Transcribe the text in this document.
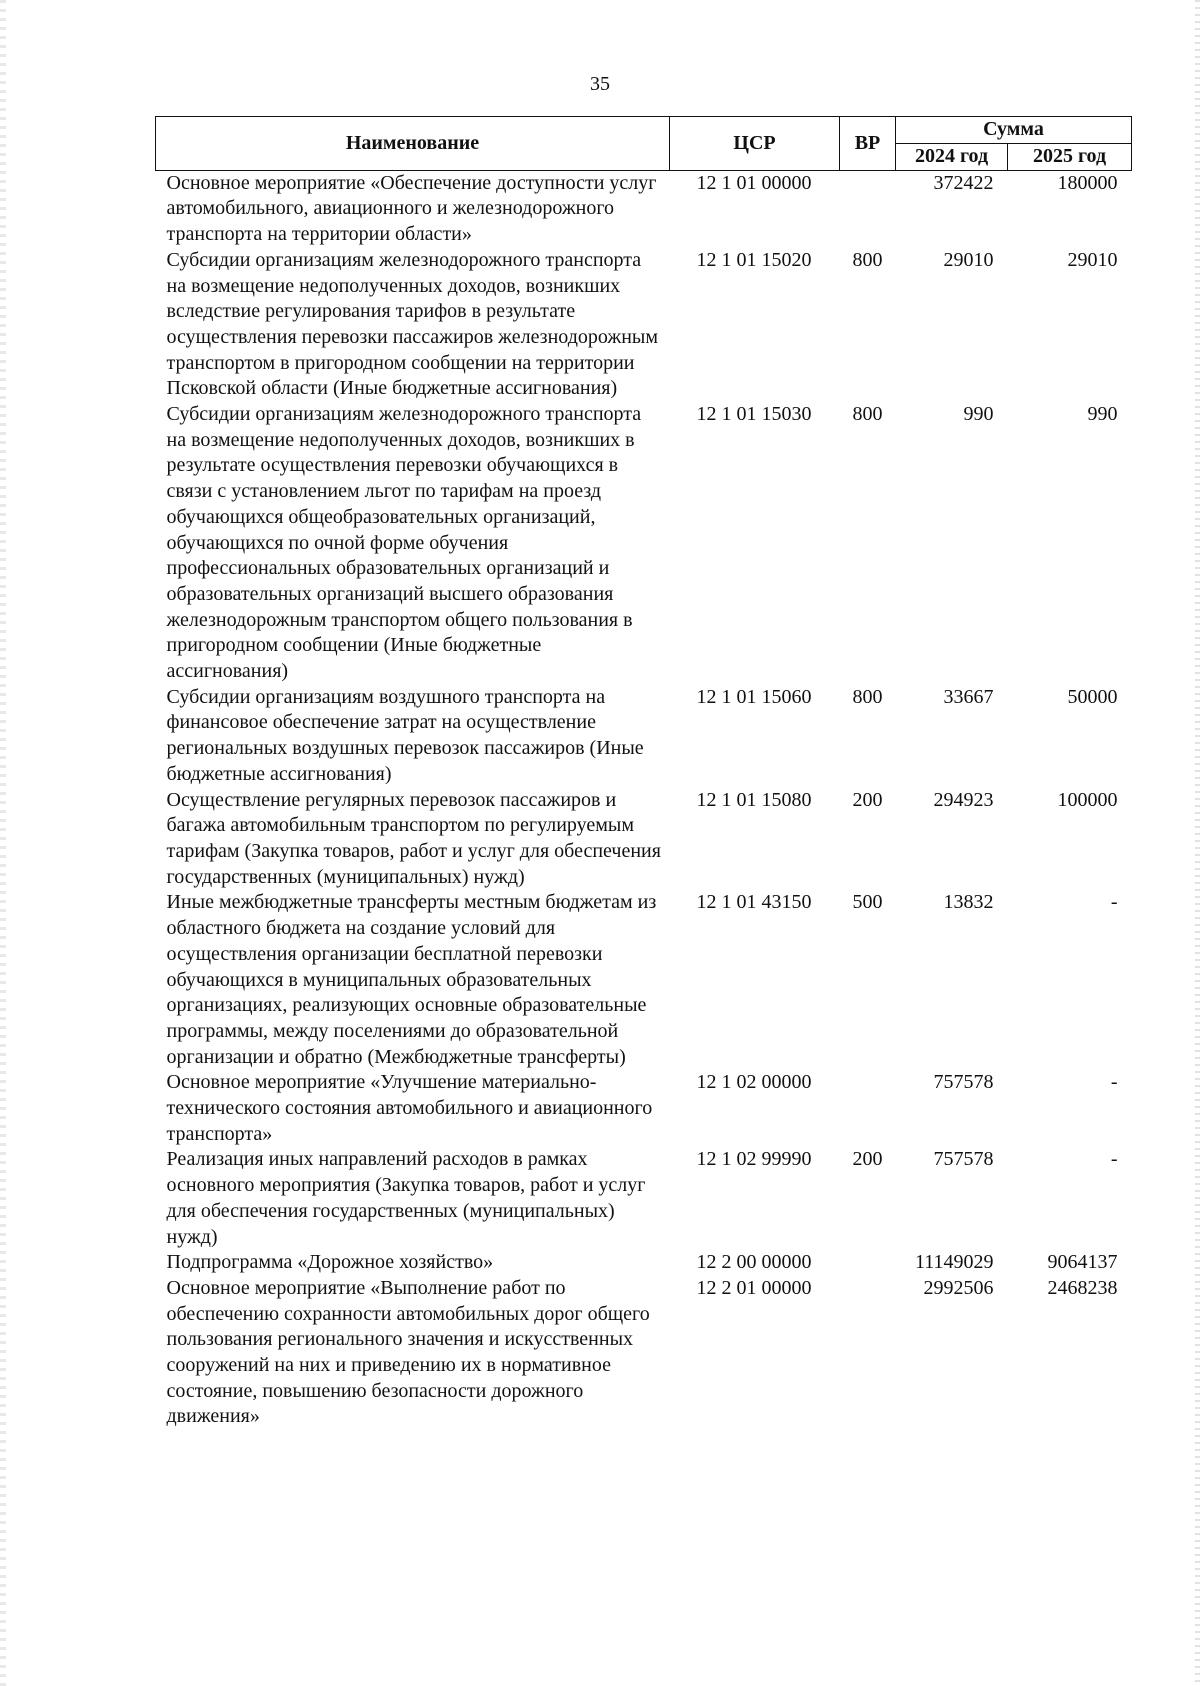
35
Наименование	ЦСР	ВР	Сумма	
			2024 год	2025 год
Основное мероприятие «Обеспечение доступности услуг автомобильного, авиационного и железнодорожного транспорта на территории области»	12 1 01 00000		372422	180000
Субсидии организациям железнодорожного транспорта на возмещение недополученных доходов, возникших вследствие регулирования тарифов в результате осуществления перевозки пассажиров железнодорожным транспортом в пригородном сообщении на территории Псковской области (Иные бюджетные ассигнования)	12 1 01 15020	800	29010	29010
Субсидии организациям железнодорожного транспорта на возмещение недополученных доходов, возникших в результате осуществления перевозки обучающихся в связи с установлением льгот по тарифам на проезд обучающихся общеобразовательных организаций, обучающихся по очной форме обучения профессиональных образовательных организаций и образовательных организаций высшего образования железнодорожным транспортом общего пользования в пригородном сообщении (Иные бюджетные ассигнования)	12 1 01 15030	800	990	990
Субсидии организациям воздушного транспорта на финансовое обеспечение затрат на осуществление региональных воздушных перевозок пассажиров (Иные бюджетные ассигнования)	12 1 01 15060	800	33667	50000
Осуществление регулярных перевозок пассажиров и багажа автомобильным транспортом по регулируемым тарифам (Закупка товаров, работ и услуг для обеспечения государственных (муниципальных) нужд)	12 1 01 15080	200	294923	100000
Иные межбюджетные трансферты местным бюджетам из областного бюджета на создание условий для осуществления организации бесплатной перевозки обучающихся в муниципальных образовательных организациях, реализующих основные образовательные программы, между поселениями до образовательной организации и обратно (Межбюджетные трансферты)	12 1 01 43150	500	13832	-
Основное мероприятие «Улучшение материально-технического состояния автомобильного и авиационного транспорта»	12 1 02 00000		757578	-
Реализация иных направлений расходов в рамках основного мероприятия (Закупка товаров, работ и услуг для обеспечения государственных (муниципальных) нужд)	12 1 02 99990	200	757578	-
Подпрограмма «Дорожное хозяйство»	12 2 00 00000		11149029	9064137
Основное мероприятие «Выполнение работ по обеспечению сохранности автомобильных дорог общего пользования регионального значения и искусственных сооружений на них и приведению их в нормативное состояние, повышению безопасности дорожного движения»	12 2 01 00000		2992506	2468238
